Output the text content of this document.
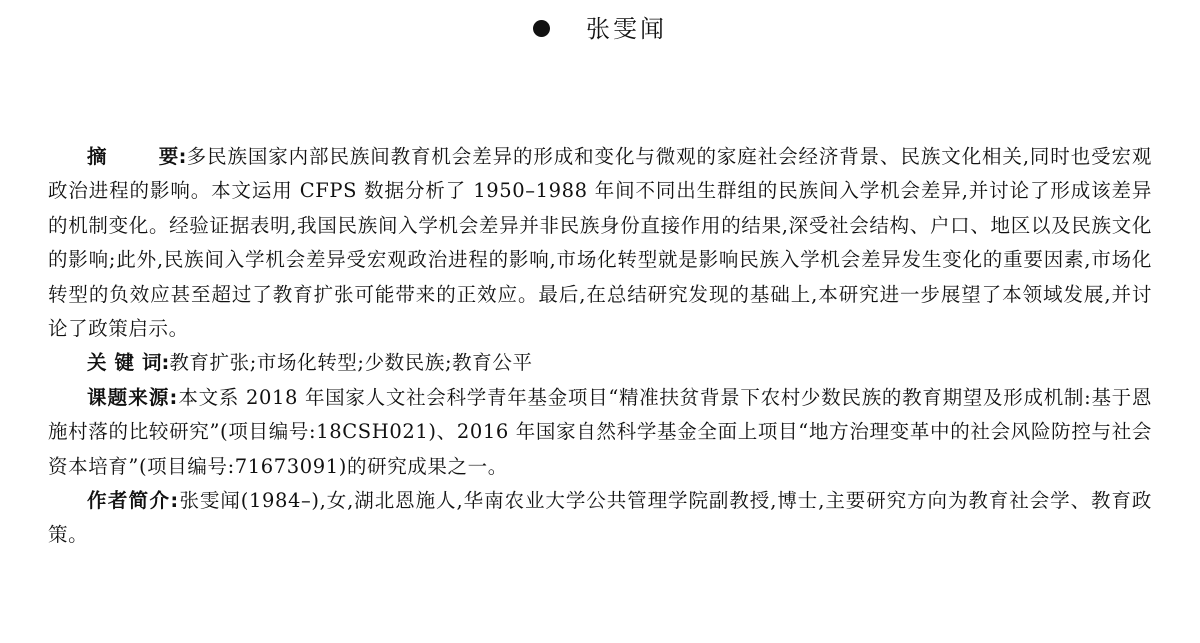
张雯闻

摘要:多民族国家内部民族间教育机会差异的形成和变化与微观的家庭社会经济背景、民族文化相关,同时也受宏观政治进程的影响。本文运用 CFPS 数据分析了 1950–1988 年间不同出生群组的民族间入学机会差异,并讨论了形成该差异的机制变化。经验证据表明,我国民族间入学机会差异并非民族身份直接作用的结果,深受社会结构、户口、地区以及民族文化的影响;此外,民族间入学机会差异受宏观政治进程的影响,市场化转型就是影响民族入学机会差异发生变化的重要因素,市场化转型的负效应甚至超过了教育扩张可能带来的正效应。最后,在总结研究发现的基础上,本研究进一步展望了本领域发展,并讨论了政策启示。

关键词:教育扩张;市场化转型;少数民族;教育公平

课题来源:本文系 2018 年国家人文社会科学青年基金项目“精准扶贫背景下农村少数民族的教育期望及形成机制:基于恩施村落的比较研究”(项目编号:18CSH021)、2016 年国家自然科学基金全面上项目“地方治理变革中的社会风险防控与社会资本培育”(项目编号:71673091)的研究成果之一。

作者简介:张雯闻(1984–),女,湖北恩施人,华南农业大学公共管理学院副教授,博士,主要研究方向为教育社会学、教育政策。
